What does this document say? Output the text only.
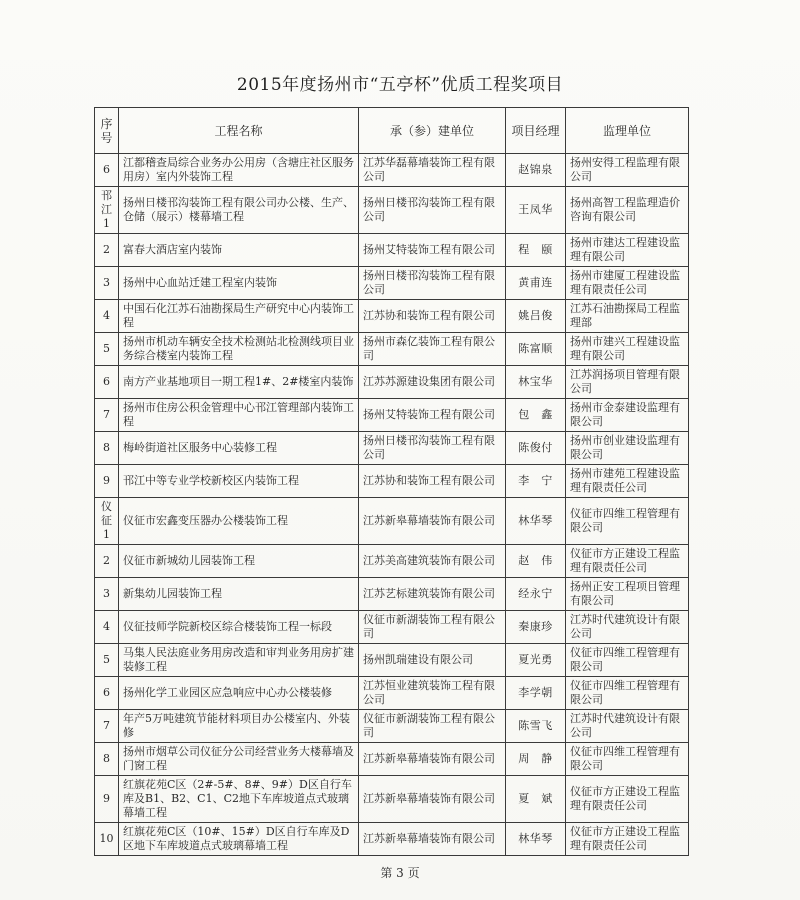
2015年度扬州市“五亭杯”优质工程奖项目
序号	工程名称	承（参）建单位	项目经理	监理单位
6	江都稽查局综合业务办公用房（含塘庄社区服务用房）室内外装饰工程	江苏华磊幕墙装饰工程有限公司	赵锦泉	扬州安得工程监理有限公司
邗江1	扬州日楼邗沟装饰工程有限公司办公楼、生产、仓储（展示）楼幕墙工程	扬州日楼邗沟装饰工程有限公司	王凤华	扬州高智工程监理造价咨询有限公司
2	富春大酒店室内装饰	扬州艾特装饰工程有限公司	程　颐	扬州市建达工程建设监理有限公司
3	扬州中心血站迁建工程室内装饰	扬州日楼邗沟装饰工程有限公司	黄甫连	扬州市建厦工程建设监理有限责任公司
4	中国石化江苏石油勘探局生产研究中心内装饰工程	江苏协和装饰工程有限公司	姚吕俊	江苏石油勘探局工程监理部
5	扬州市机动车辆安全技术检测站北检测线项目业务综合楼室内装饰工程	扬州市森亿装饰工程有限公司	陈富顺	扬州市建兴工程建设监理有限公司
6	南方产业基地项目一期工程1#、2#楼室内装饰	江苏苏源建设集团有限公司	林宝华	江苏润扬项目管理有限公司
7	扬州市住房公积金管理中心邗江管理部内装饰工程	扬州艾特装饰工程有限公司	包　鑫	扬州市金泰建设监理有限公司
8	梅岭街道社区服务中心装修工程	扬州日楼邗沟装饰工程有限公司	陈俊付	扬州市创业建设监理有限公司
9	邗江中等专业学校新校区内装饰工程	江苏协和装饰工程有限公司	李　宁	扬州市建苑工程建设监理有限责任公司
仪征1	仪征市宏鑫变压器办公楼装饰工程	江苏新皋幕墙装饰有限公司	林华琴	仪征市四维工程管理有限公司
2	仪征市新城幼儿园装饰工程	江苏美高建筑装饰有限公司	赵　伟	仪征市方正建设工程监理有限责任公司
3	新集幼儿园装饰工程	江苏艺标建筑装饰有限公司	经永宁	扬州正安工程项目管理有限公司
4	仪征技师学院新校区综合楼装饰工程一标段	仪征市新湖装饰工程有限公司	秦康珍	江苏时代建筑设计有限公司
5	马集人民法庭业务用房改造和审判业务用房扩建装修工程	扬州凯瑞建设有限公司	夏光勇	仪征市四维工程管理有限公司
6	扬州化学工业园区应急响应中心办公楼装修	江苏恒业建筑装饰工程有限公司	李学朝	仪征市四维工程管理有限公司
7	年产5万吨建筑节能材料项目办公楼室内、外装修	仪征市新湖装饰工程有限公司	陈雪飞	江苏时代建筑设计有限公司
8	扬州市烟草公司仪征分公司经营业务大楼幕墙及门窗工程	江苏新皋幕墙装饰有限公司	周　静	仪征市四维工程管理有限公司
9	红旗花苑C区（2#-5#、8#、9#）D区自行车库及B1、B2、C1、C2地下车库坡道点式玻璃幕墙工程	江苏新皋幕墙装饰有限公司	夏　斌	仪征市方正建设工程监理有限责任公司
10	红旗花苑C区（10#、15#）D区自行车库及D区地下车库坡道点式玻璃幕墙工程	江苏新皋幕墙装饰有限公司	林华琴	仪征市方正建设工程监理有限责任公司
第 3 页
